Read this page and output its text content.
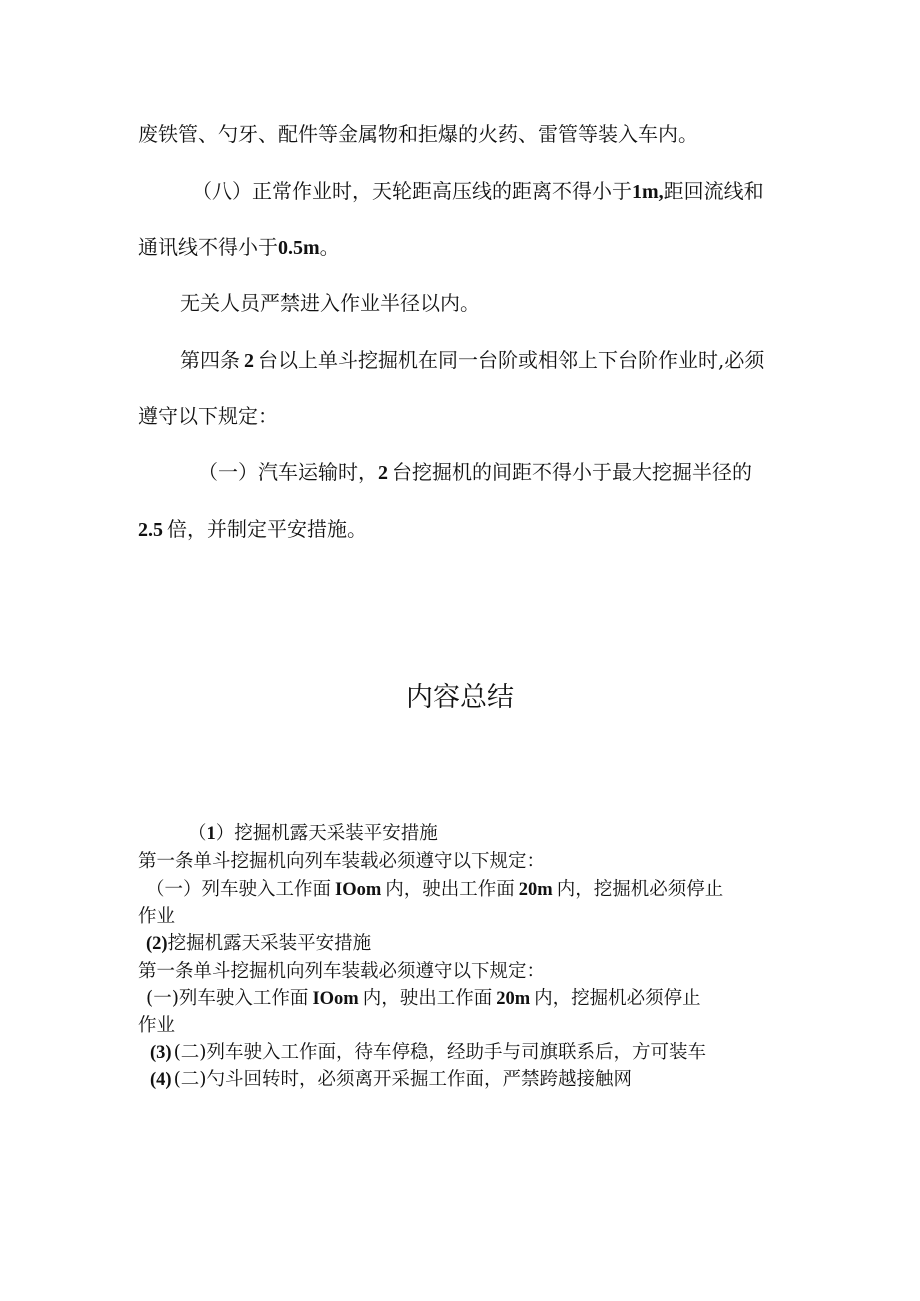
废铁管、勺牙、配件等金属物和拒爆的火药、雷管等装入车内。
（八）正常作业时，天轮距高压线的距离不得小于1m,距回流线和
通讯线不得小于0.5m。
无关人员严禁进入作业半径以内。
第四条 2 台以上单斗挖掘机在同一台阶或相邻上下台阶作业时,必须
遵守以下规定：
（一）汽车运输时，2 台挖掘机的间距不得小于最大挖掘半径的
2.5 倍，并制定平安措施。
内容总结
（1）挖掘机露天采装平安措施
第一条单斗挖掘机向列车装载必须遵守以下规定：
（一）列车驶入工作面 IOom 内，驶出工作面 20m 内，挖掘机必须停止
作业
(2)挖掘机露天采装平安措施
第一条单斗挖掘机向列车装载必须遵守以下规定：
(一)列车驶入工作面 IOom 内，驶出工作面 20m 内，挖掘机必须停止
作业
(3) (二)列车驶入工作面，待车停稳，经助手与司旗联系后，方可装车
(4) (二)勺斗回转时，必须离开采掘工作面，严禁跨越接触网
